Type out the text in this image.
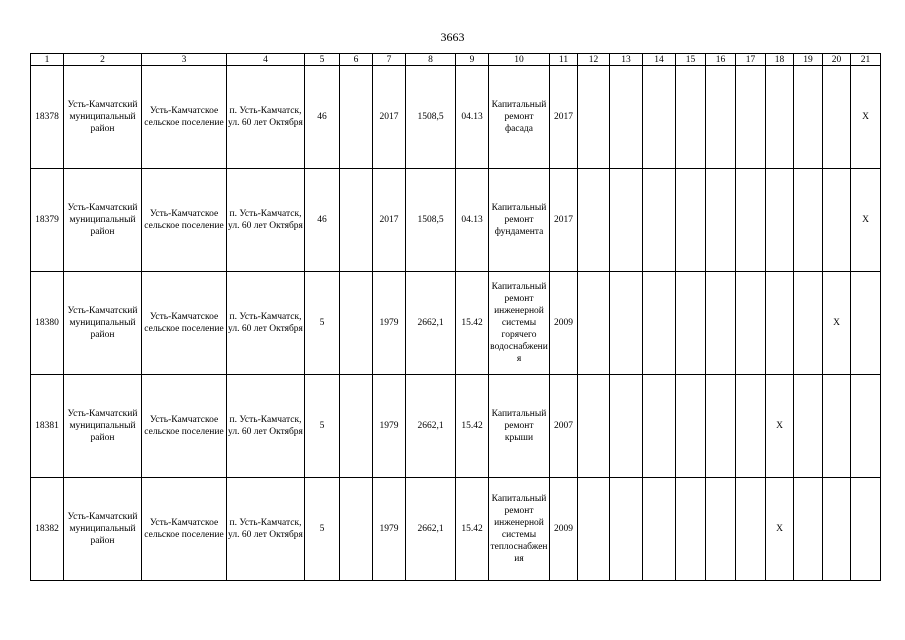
3663
1	2	3	4	5	6	7	8	9	10	11	12	13	14	15	16	17	18	19	20	21
18378	Усть-Камчатский муниципальный район	Усть-Камчатское сельское поселение	п. Усть-Камчатск, ул. 60 лет Октября	46		2017	1508,5	04.13	Капитальный ремонт фасада	2017										Х
18379	Усть-Камчатский муниципальный район	Усть-Камчатское сельское поселение	п. Усть-Камчатск, ул. 60 лет Октября	46		2017	1508,5	04.13	Капитальный ремонт фундамента	2017										Х
18380	Усть-Камчатский муниципальный район	Усть-Камчатское сельское поселение	п. Усть-Камчатск, ул. 60 лет Октября	5		1979	2662,1	15.42	Капитальный ремонт инженерной системы горячего водоснабжения	2009									Х	
18381	Усть-Камчатский муниципальный район	Усть-Камчатское сельское поселение	п. Усть-Камчатск, ул. 60 лет Октября	5		1979	2662,1	15.42	Капитальный ремонт крыши	2007							Х			
18382	Усть-Камчатский муниципальный район	Усть-Камчатское сельское поселение	п. Усть-Камчатск, ул. 60 лет Октября	5		1979	2662,1	15.42	Капитальный ремонт инженерной системы теплоснабжения	2009							Х			
